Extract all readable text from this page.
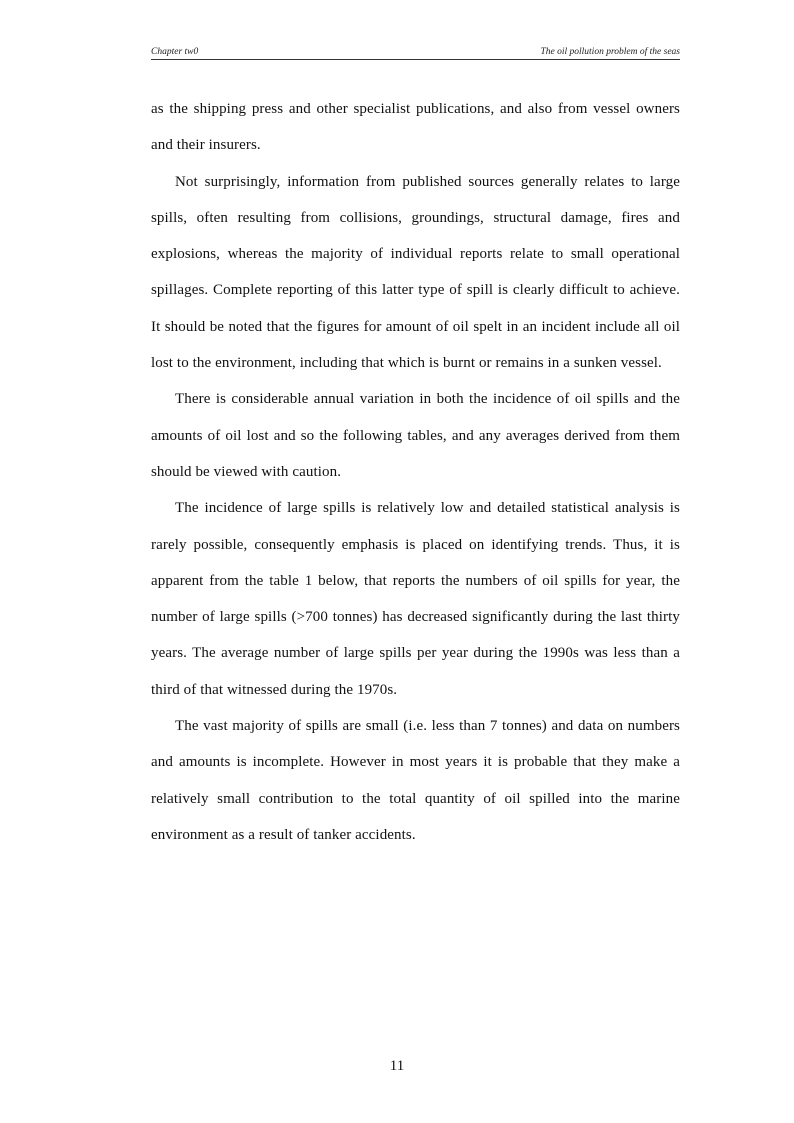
Chapter tw0	The oil pollution problem of the seas

as the shipping press and other specialist publications, and also from vessel owners and their insurers.

Not surprisingly, information from published sources generally relates to large spills, often resulting from collisions, groundings, structural damage, fires and explosions, whereas the majority of individual reports relate to small operational spillages. Complete reporting of this latter type of spill is clearly difficult to achieve. It should be noted that the figures for amount of oil spelt in an incident include all oil lost to the environment, including that which is burnt or remains in a sunken vessel.

There is considerable annual variation in both the incidence of oil spills and the amounts of oil lost and so the following tables, and any averages derived from them should be viewed with caution.

The incidence of large spills is relatively low and detailed statistical analysis is rarely possible, consequently emphasis is placed on identifying trends. Thus, it is apparent from the table 1 below, that reports the numbers of oil spills for year, the number of large spills (>700 tonnes) has decreased significantly during the last thirty years. The average number of large spills per year during the 1990s was less than a third of that witnessed during the 1970s.

The vast majority of spills are small (i.e. less than 7 tonnes) and data on numbers and amounts is incomplete. However in most years it is probable that they make a relatively small contribution to the total quantity of oil spilled into the marine environment as a result of tanker accidents.

11
